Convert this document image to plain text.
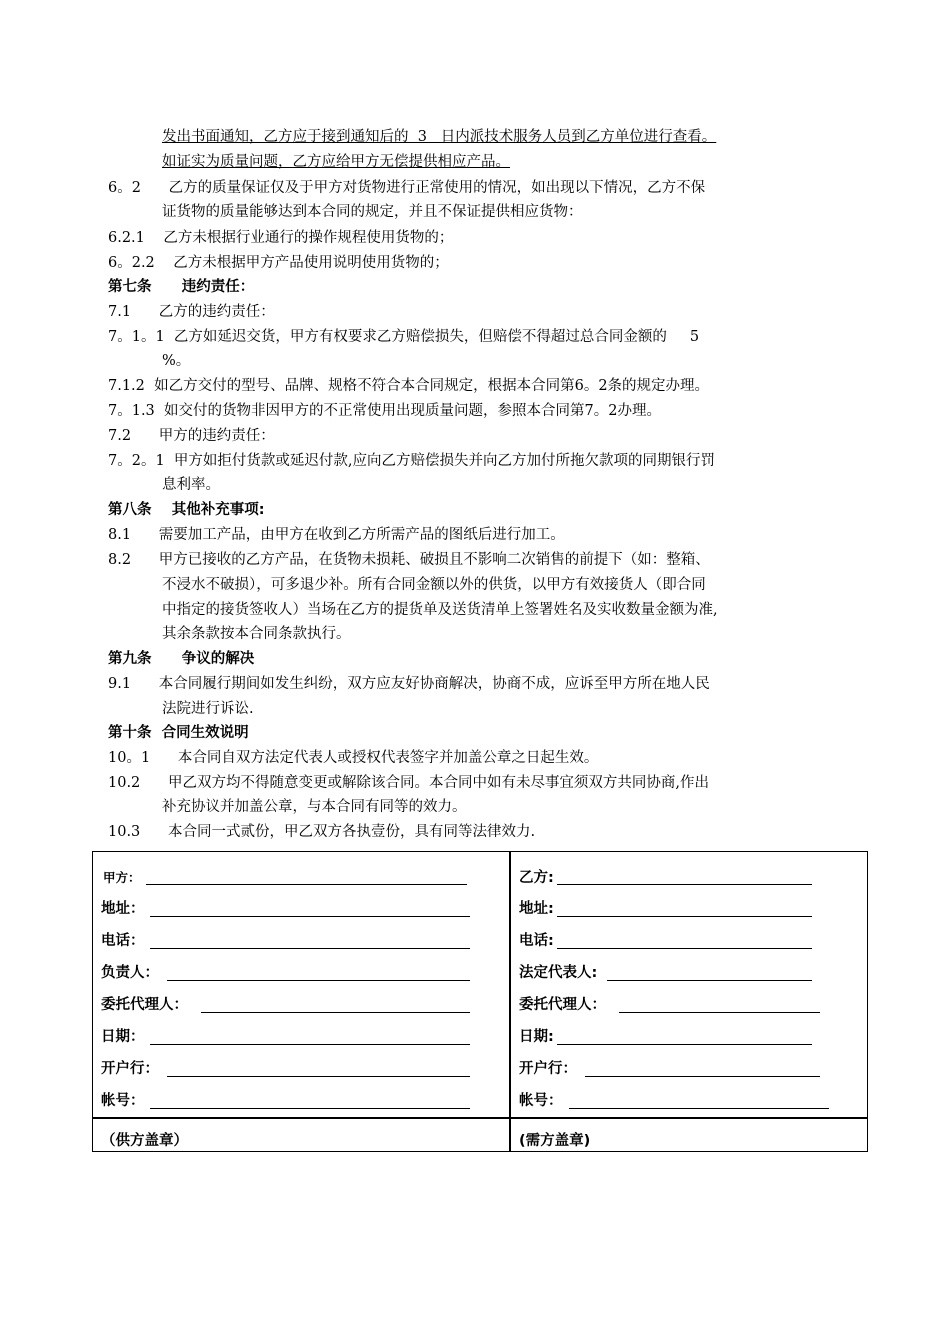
发出书面通知，乙方应于接到通知后的  3   日内派技术服务人员到乙方单位进行查看。
如证实为质量问题，乙方应给甲方无偿提供相应产品。
6。2      乙方的质量保证仅及于甲方对货物进行正常使用的情况，如出现以下情况，乙方不保
证货物的质量能够达到本合同的规定，并且不保证提供相应货物：
6.2.1    乙方未根据行业通行的操作规程使用货物的；
6。2.2    乙方未根据甲方产品使用说明使用货物的；
第七条      违约责任：
7.1      乙方的违约责任：
7。1。1  乙方如延迟交货，甲方有权要求乙方赔偿损失，但赔偿不得超过总合同金额的     5
%。
7.1.2  如乙方交付的型号、品牌、规格不符合本合同规定，根据本合同第6。2条的规定办理。
7。1.3  如交付的货物非因甲方的不正常使用出现质量问题，参照本合同第7。2办理。
7.2      甲方的违约责任：
7。2。1  甲方如拒付货款或延迟付款,应向乙方赔偿损失并向乙方加付所拖欠款项的同期银行罚
息利率。
第八条    其他补充事项:
8.1      需要加工产品，由甲方在收到乙方所需产品的图纸后进行加工。
8.2      甲方已接收的乙方产品，在货物未损耗、破损且不影响二次销售的前提下（如：整箱、
不浸水不破损），可多退少补。所有合同金额以外的供货，以甲方有效接货人（即合同
中指定的接货签收人）当场在乙方的提货单及送货清单上签署姓名及实收数量金额为准,
其余条款按本合同条款执行。
第九条      争议的解决
9.1      本合同履行期间如发生纠纷，双方应友好协商解决，协商不成，应诉至甲方所在地人民
法院进行诉讼.
第十条  合同生效说明
10。1      本合同自双方法定代表人或授权代表签字并加盖公章之日起生效。
10.2      甲乙双方均不得随意变更或解除该合同。本合同中如有未尽事宜须双方共同协商,作出
补充协议并加盖公章，与本合同有同等的效力。
10.3      本合同一式贰份，甲乙双方各执壹份，具有同等法律效力.
甲方：
地址：
电话：
负责人：
委托代理人：
日期：
开户行：
帐号：
（供方盖章）
乙方:
地址:
电话:
法定代表人:
委托代理人：
日期:
开户行：
帐号：
(需方盖章)
